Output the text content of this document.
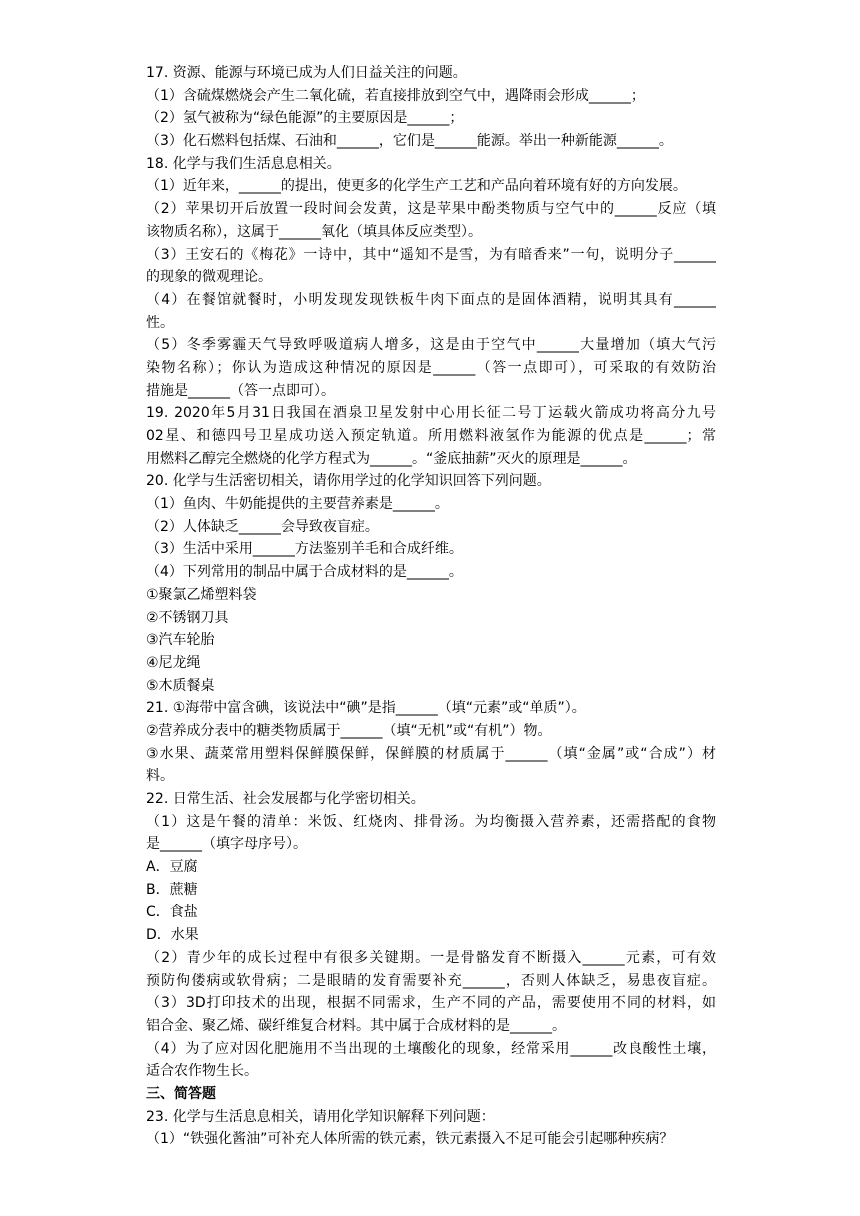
17. 资源、能源与环境已成为人们日益关注的问题。
（1）含硫煤燃烧会产生二氧化硫，若直接排放到空气中，遇降雨会形成______；
（2）氢气被称为“绿色能源”的主要原因是______；
（3）化石燃料包括煤、石油和______，它们是______能源。举出一种新能源______。
18. 化学与我们生活息息相关。
（1）近年来，______的提出，使更多的化学生产工艺和产品向着环境有好的方向发展。
（2）苹果切开后放置一段时间会发黄，这是苹果中酚类物质与空气中的______反应（填
该物质名称），这属于______氧化（填具体反应类型）。
（3）王安石的《梅花》一诗中，其中“遥知不是雪，为有暗香来”一句，说明分子______
的现象的微观理论。
（4）在餐馆就餐时，小明发现发现铁板牛肉下面点的是固体酒精，说明其具有______
性。
（5）冬季雾霾天气导致呼吸道病人增多，这是由于空气中______大量增加（填大气污
染物名称）；你认为造成这种情况的原因是______（答一点即可），可采取的有效防治
措施是______（答一点即可）。
19. 2020年5月31日我国在酒泉卫星发射中心用长征二号丁运载火箭成功将高分九号
02星、和德四号卫星成功送入预定轨道。所用燃料液氢作为能源的优点是______；常
用燃料乙醇完全燃烧的化学方程式为______。“釜底抽薪”灭火的原理是______。
20. 化学与生活密切相关，请你用学过的化学知识回答下列问题。
（1）鱼肉、牛奶能提供的主要营养素是______。
（2）人体缺乏______会导致夜盲症。
（3）生活中采用______方法鉴别羊毛和合成纤维。
（4）下列常用的制品中属于合成材料的是______。
①聚氯乙烯塑料袋
②不锈钢刀具
③汽车轮胎
④尼龙绳
⑤木质餐桌
21. ①海带中富含碘，该说法中“碘”是指______（填“元素”或“单质”）。
②营养成分表中的糖类物质属于______（填“无机”或“有机”）物。
③水果、蔬菜常用塑料保鲜膜保鲜，保鲜膜的材质属于______（填“金属”或“合成”）材
料。
22. 日常生活、社会发展都与化学密切相关。
（1）这是午餐的清单：米饭、红烧肉、排骨汤。为均衡摄入营养素，还需搭配的食物
是______（填字母序号）。
A．豆腐
B．蔗糖
C．食盐
D．水果
（2）青少年的成长过程中有很多关键期。一是骨骼发育不断摄入______元素，可有效
预防佝偻病或软骨病；二是眼睛的发育需要补充______，否则人体缺乏，易患夜盲症。
（3）3D打印技术的出现，根据不同需求，生产不同的产品，需要使用不同的材料，如
铝合金、聚乙烯、碳纤维复合材料。其中属于合成材料的是______。
（4）为了应对因化肥施用不当出现的土壤酸化的现象，经常采用______改良酸性土壤，
适合农作物生长。
三、简答题
23. 化学与生活息息相关，请用化学知识解释下列问题：
（1）“铁强化酱油”可补充人体所需的铁元素，铁元素摄入不足可能会引起哪种疾病？
